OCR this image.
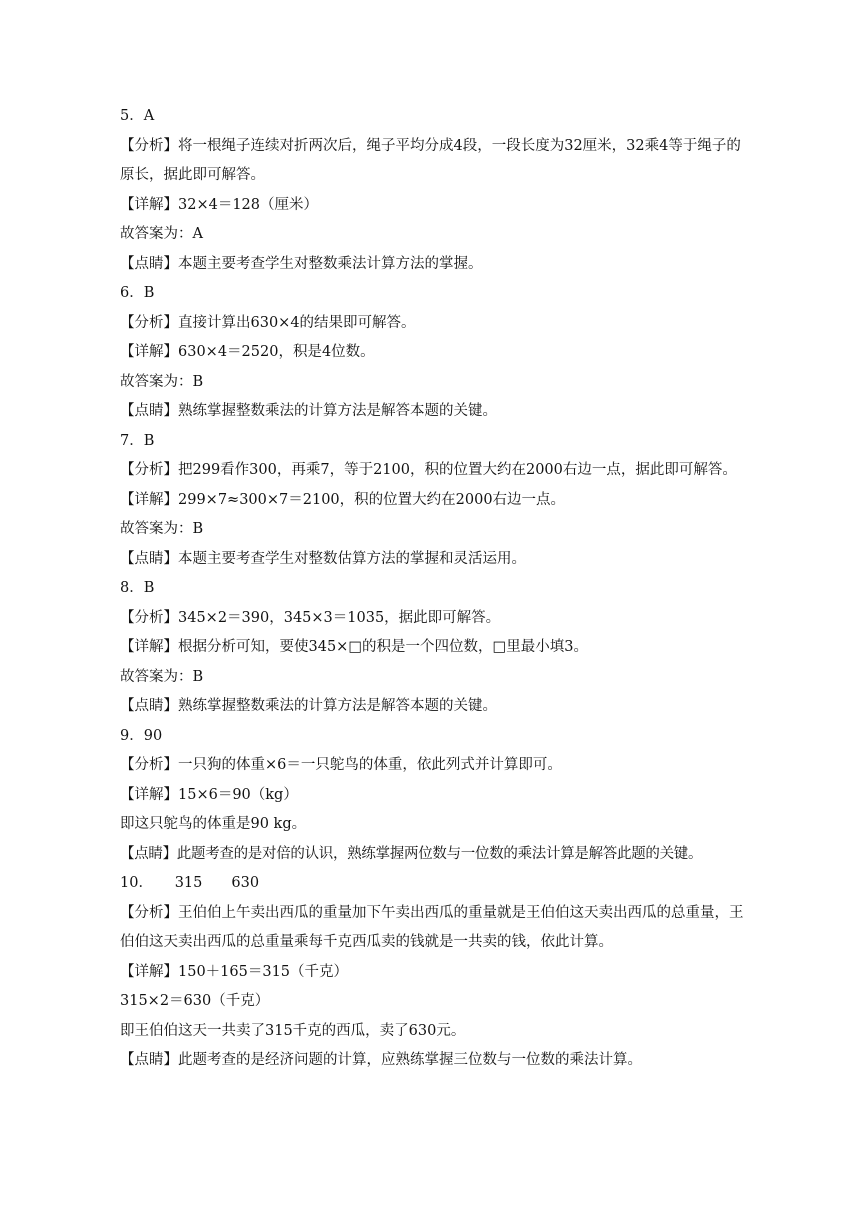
5．A

【分析】将一根绳子连续对折两次后，绳子平均分成4段，一段长度为32厘米，32乘4等于绳子的原长，据此即可解答。

【详解】32×4＝128（厘米）

故答案为：A

【点睛】本题主要考查学生对整数乘法计算方法的掌握。

6．B

【分析】直接计算出630×4的结果即可解答。

【详解】630×4＝2520，积是4位数。

故答案为：B

【点睛】熟练掌握整数乘法的计算方法是解答本题的关键。

7．B

【分析】把299看作300，再乘7，等于2100，积的位置大约在2000右边一点，据此即可解答。

【详解】299×7≈300×7＝2100，积的位置大约在2000右边一点。

故答案为：B

【点睛】本题主要考查学生对整数估算方法的掌握和灵活运用。

8．B

【分析】345×2＝390，345×3＝1035，据此即可解答。

【详解】根据分析可知，要使345×□的积是一个四位数，□里最小填3。

故答案为：B

【点睛】熟练掌握整数乘法的计算方法是解答本题的关键。

9．90

【分析】一只狗的体重×6＝一只鸵鸟的体重，依此列式并计算即可。

【详解】15×6＝90（kg）

即这只鸵鸟的体重是90 kg。

【点睛】此题考查的是对倍的认识，熟练掌握两位数与一位数的乘法计算是解答此题的关键。

10．　　315　　630

【分析】王伯伯上午卖出西瓜的重量加下午卖出西瓜的重量就是王伯伯这天卖出西瓜的总重量，王伯伯这天卖出西瓜的总重量乘每千克西瓜卖的钱就是一共卖的钱，依此计算。

【详解】150＋165＝315（千克）

315×2＝630（千克）

即王伯伯这天一共卖了315千克的西瓜，卖了630元。

【点睛】此题考查的是经济问题的计算，应熟练掌握三位数与一位数的乘法计算。
